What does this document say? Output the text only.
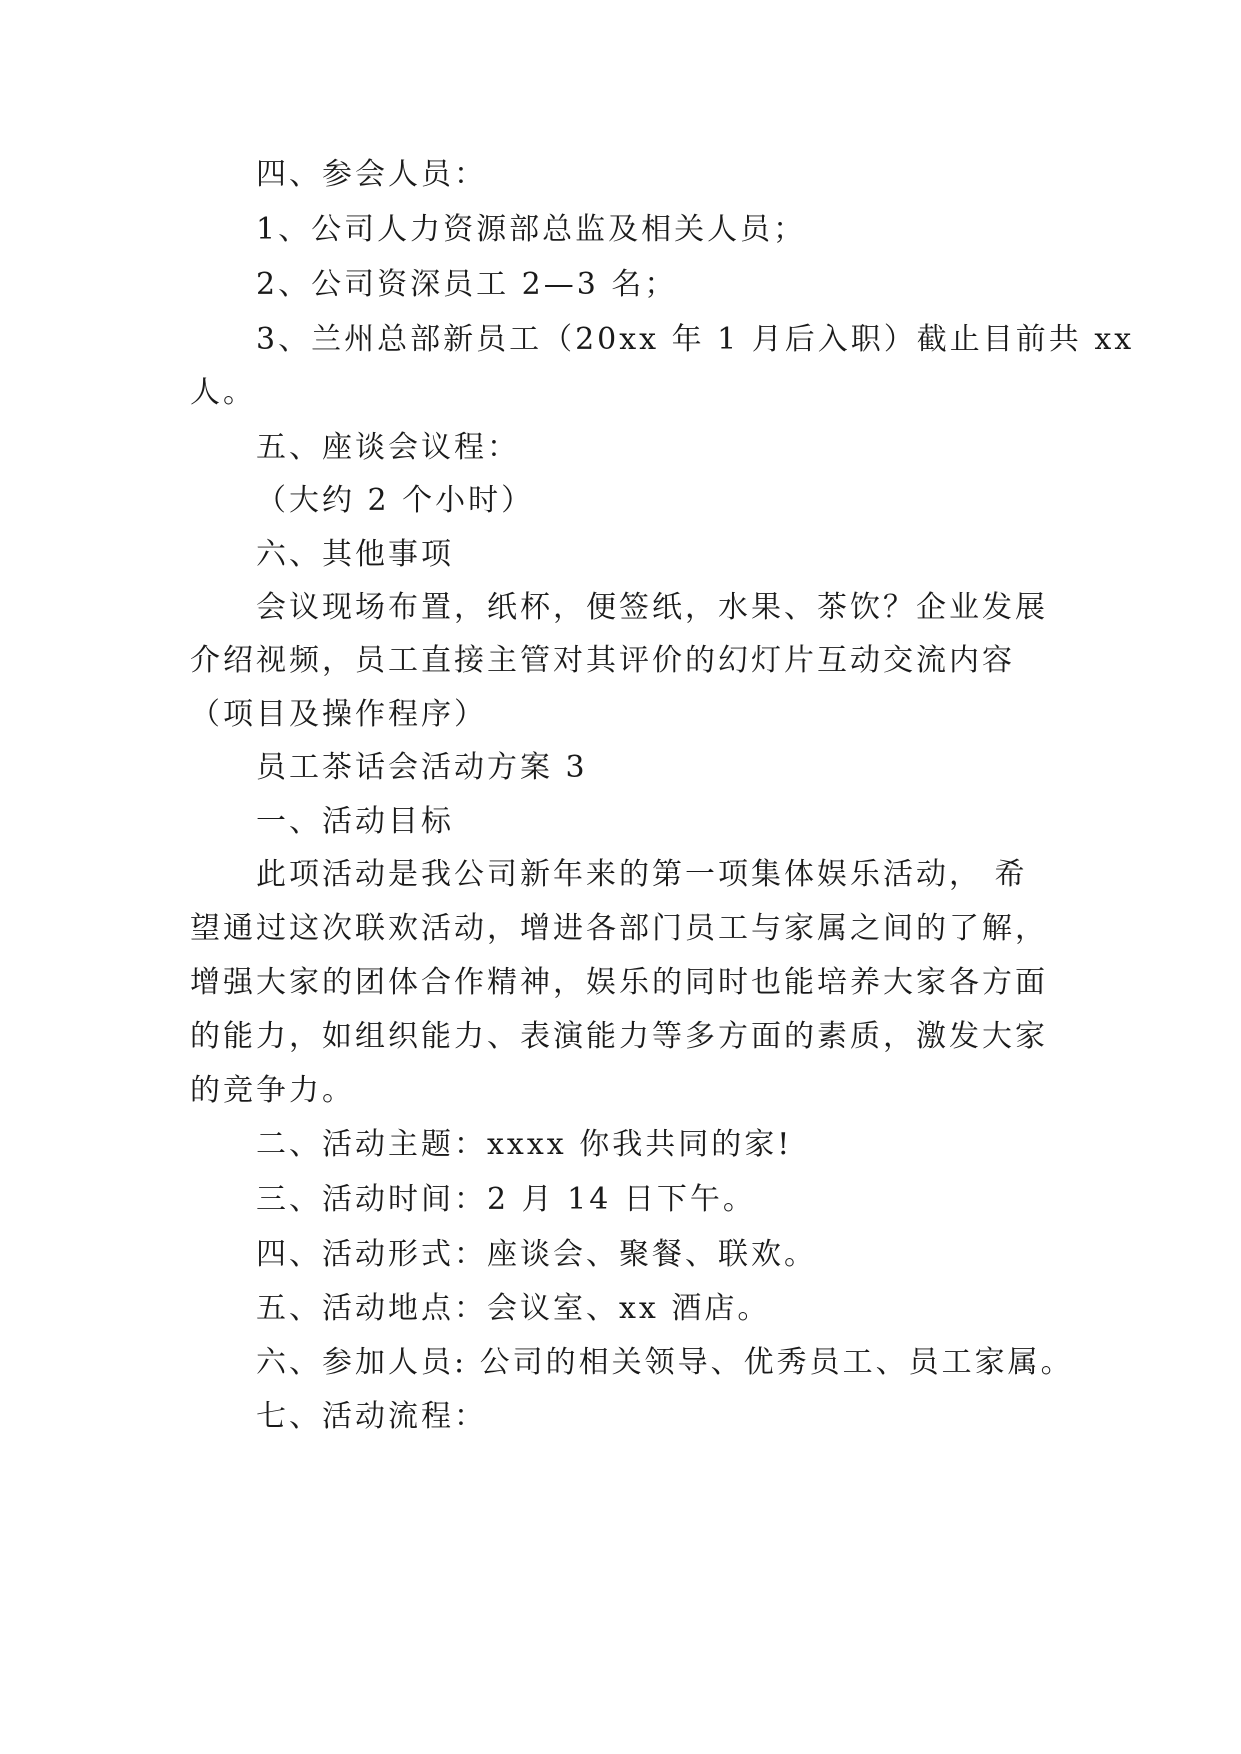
四、参会人员：
1、公司人力资源部总监及相关人员；
2、公司资深员工 2—3 名；
3、兰州总部新员工（20xx 年 1 月后入职）截止目前共 xx
人。
五、座谈会议程：
（大约 2 个小时）
六、其他事项
会议现场布置，纸杯，便签纸，水果、茶饮？企业发展
介绍视频，员工直接主管对其评价的幻灯片互动交流内容
（项目及操作程序）
员工茶话会活动方案 3
一、活动目标
此项活动是我公司新年来的第一项集体娱乐活动， 希
望通过这次联欢活动，增进各部门员工与家属之间的了解，
增强大家的团体合作精神，娱乐的同时也能培养大家各方面
的能力，如组织能力、表演能力等多方面的素质，激发大家
的竞争力。
二、活动主题：xxxx 你我共同的家!
三、活动时间：2 月 14 日下午。
四、活动形式：座谈会、聚餐、联欢。
五、活动地点：会议室、xx 酒店。
六、参加人员: 公司的相关领导、优秀员工、员工家属。
七、活动流程：
